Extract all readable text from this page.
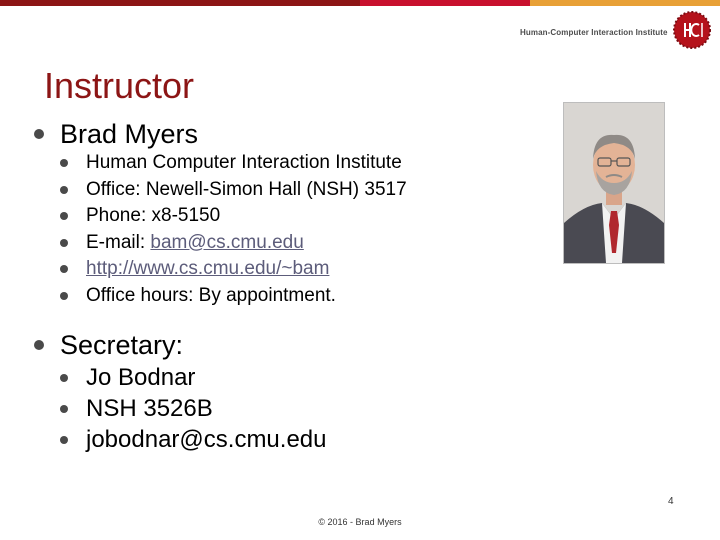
Human-Computer Interaction Institute
Instructor
Brad Myers
Human Computer Interaction Institute
Office: Newell-Simon Hall (NSH) 3517
Phone: x8-5150
E-mail: bam@cs.cmu.edu
http://www.cs.cmu.edu/~bam
Office hours: By appointment.
Secretary:
Jo Bodnar
NSH 3526B
jobodnar@cs.cmu.edu
4
© 2016 - Brad Myers
